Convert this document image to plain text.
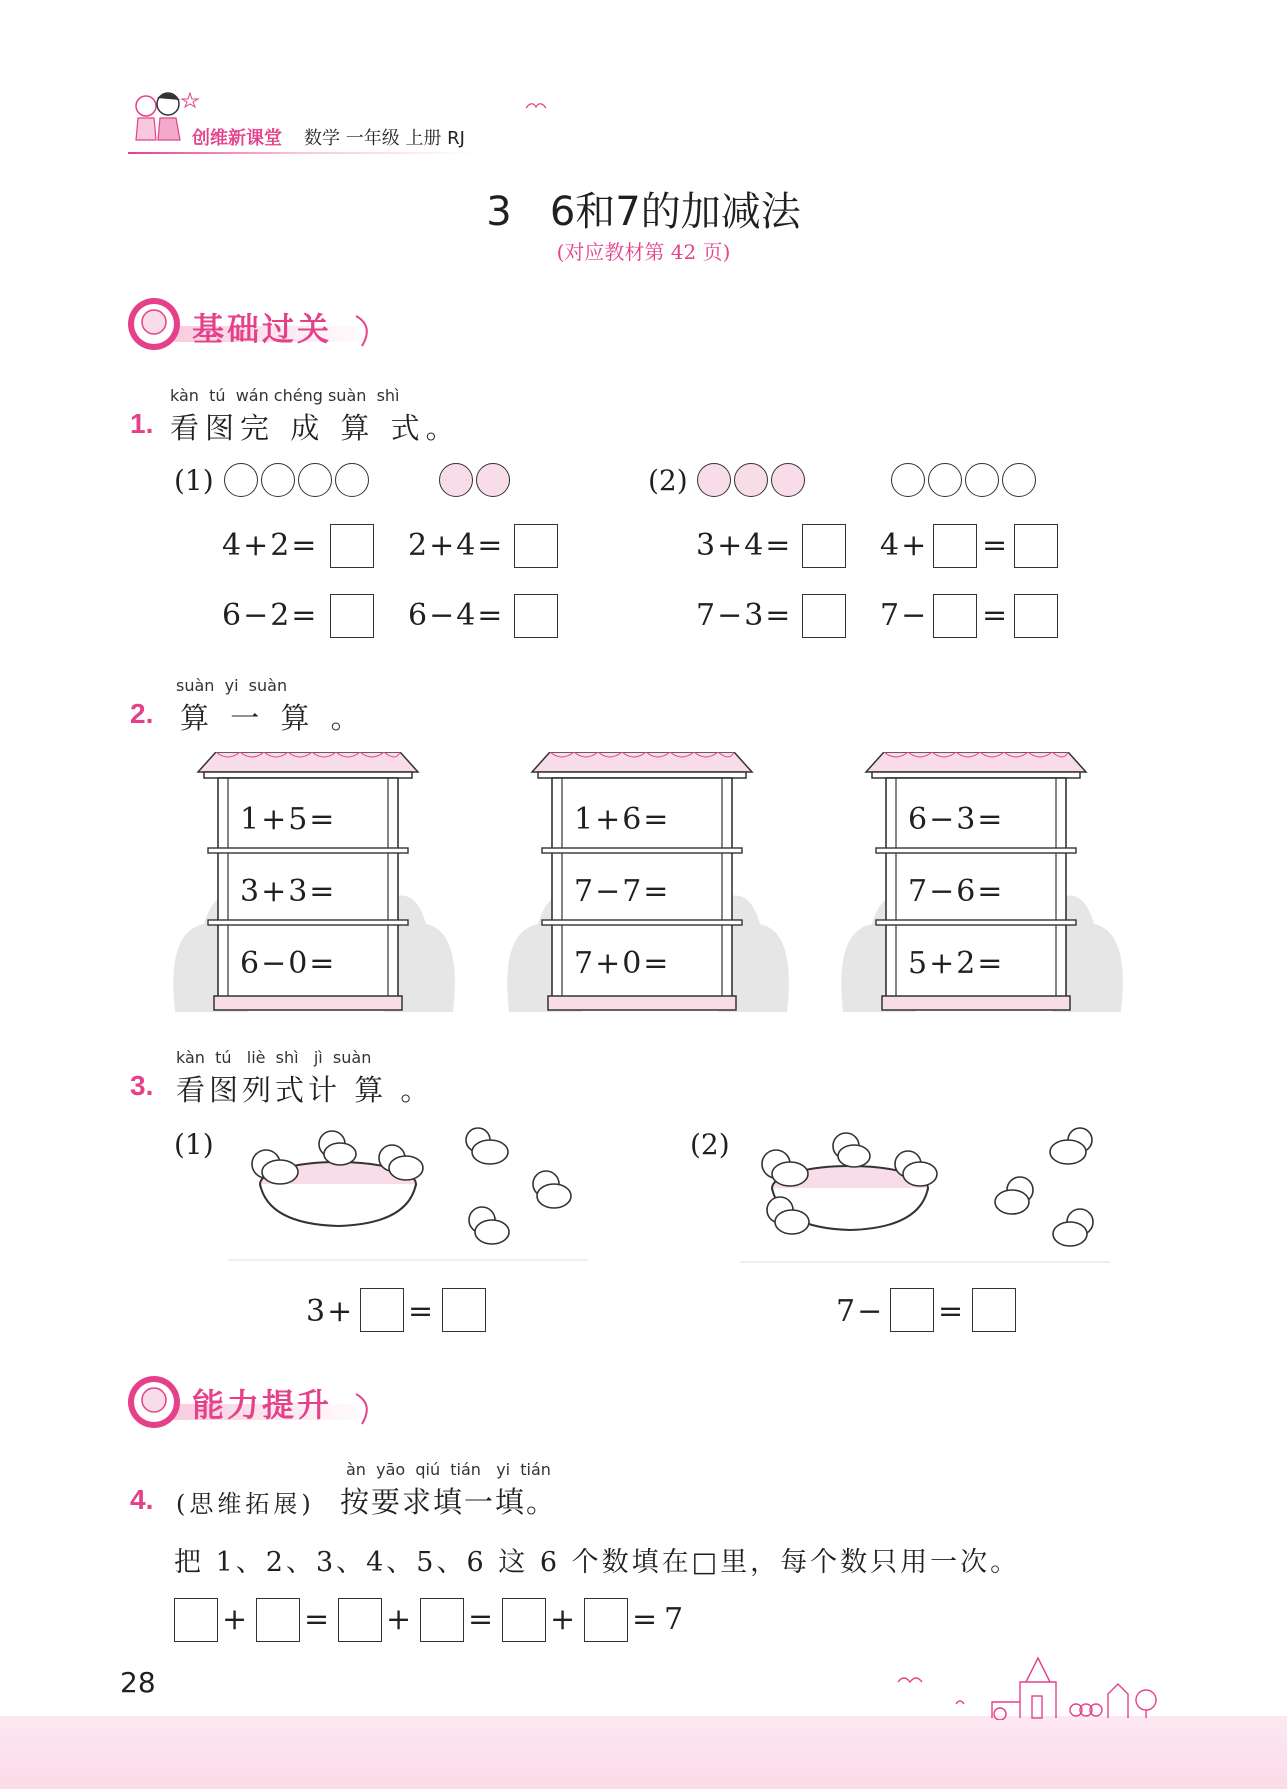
创维新课堂 数学 一年级 上册 RJ
3   6和7的加减法
(对应教材第 42 页)
基础过关
kàn  tú  wán chéng suàn  shì
1. 看图完 成 算 式。
(1)
4+2=	2+4=
6−2=	6−4=
(2)
3+4=	4+ =
7−3=	7− =
suàn  yi  suàn
2. 算 一 算 。
1+5=
3+3=
6−0=
1+6=
7−7=
7+0=
6−3=
7−6=
5+2=
kàn  tú   liè  shì   jì  suàn
3. 看图列式计 算 。
(1)
3+ =
(2)
7− =
能力提升
àn  yāo  qiú  tián   yi  tián
4. (思维拓展) 按要求填一填。
把 1、2、3、4、5、6 这 6 个数填在□里，每个数只用一次。
+ = + = + = 7
28
